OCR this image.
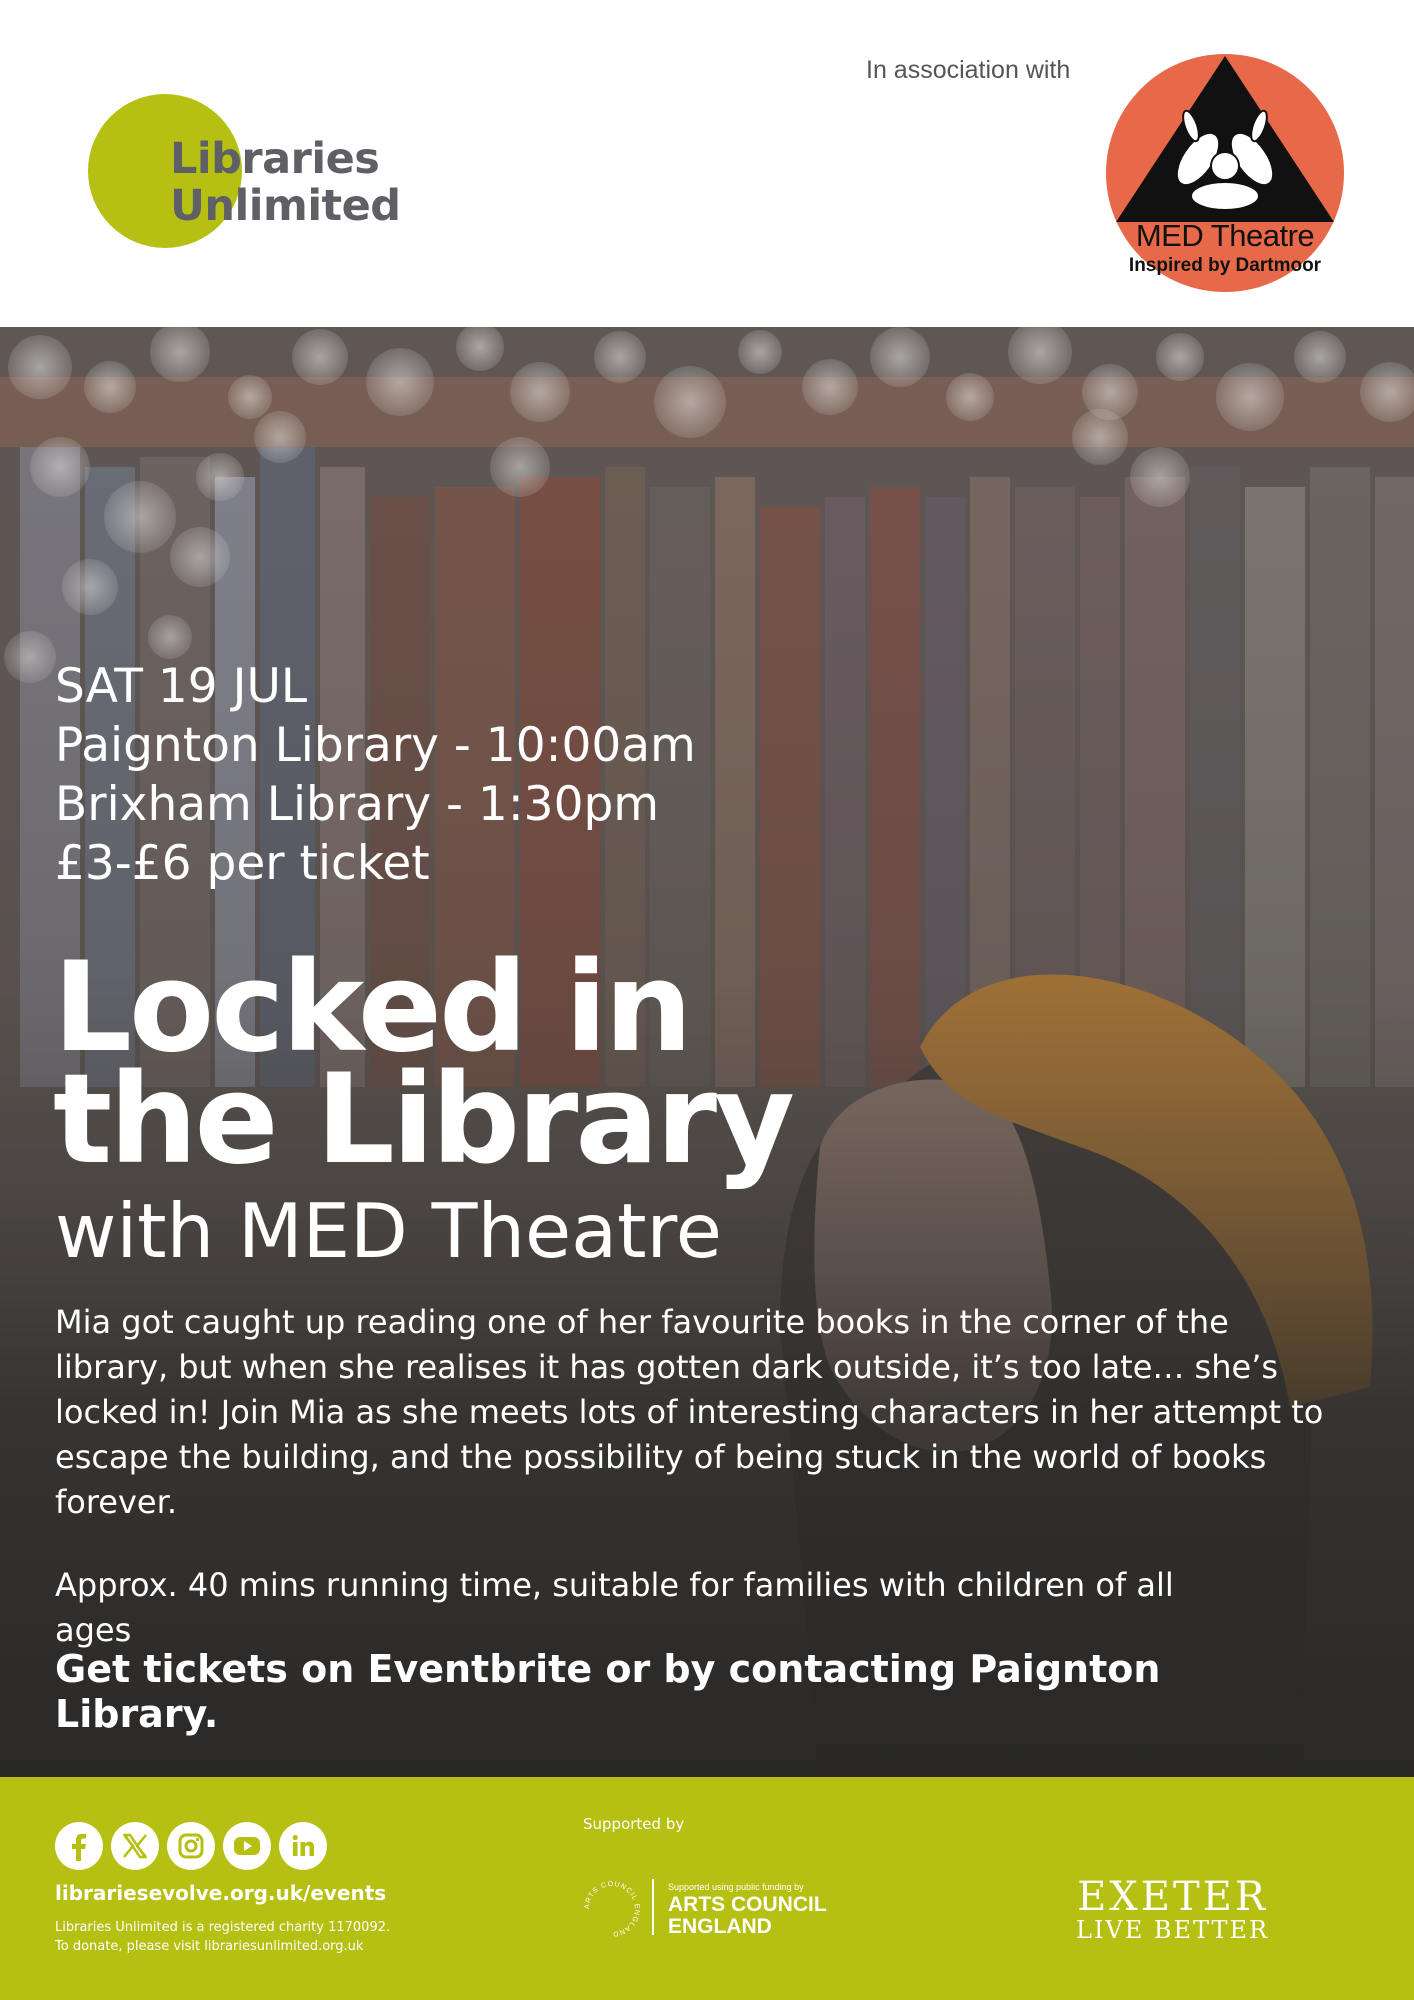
Libraries
Unlimited
In association with
MED Theatre
Inspired by Dartmoor
SAT 19 JUL
Paignton Library - 10:00am
Brixham Library - 1:30pm
£3-£6 per ticket
Locked in
the Library
with MED Theatre
Mia got caught up reading one of her favourite books in the corner of the library, but when she realises it has gotten dark outside, it’s too late… she’s locked in! Join Mia as she meets lots of interesting characters in her attempt to escape the building, and the possibility of being stuck in the world of books forever.
Approx. 40 mins running time, suitable for families with children of all ages
Get tickets on Eventbrite or by contacting Paignton Library.
librariesevolve.org.uk/events
Libraries Unlimited is a registered charity 1170092.
To donate, please visit librariesunlimited.org.uk
Supported by
ARTS COUNCIL ENGLAND
Supported using public funding by
ARTS COUNCIL
ENGLAND
EXETER
LIVE BETTER
